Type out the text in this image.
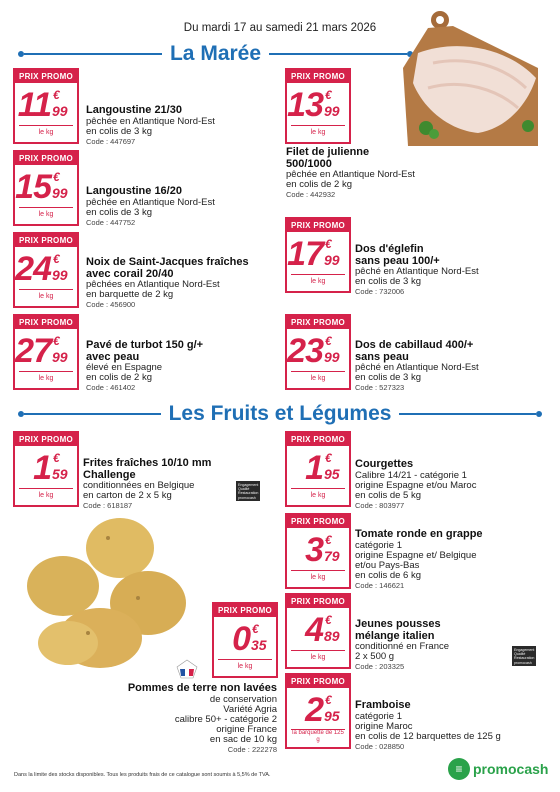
Du mardi 17 au samedi 21 mars 2026
La Marée
PRIX PROMO
11 €
99
le kg
Langoustine 21/30
pêchée en Atlantique Nord-Est
en colis de 3 kg
Code : 447697
PRIX PROMO
15 €
99
le kg
Langoustine 16/20
pêchée en Atlantique Nord-Est
en colis de 3 kg
Code : 447752
PRIX PROMO
24 €
99
le kg
Noix de Saint-Jacques fraîches
avec corail 20/40
pêchées en Atlantique Nord-Est
en barquette de 2 kg
Code : 456900
PRIX PROMO
27 €
99
le kg
Pavé de turbot 150 g/+
avec peau
élevé en Espagne
en colis de 2 kg
Code : 461402
PRIX PROMO
13 €
99
le kg
Filet de julienne
500/1000
pêchée en Atlantique Nord-Est
en colis de 2 kg
Code : 442932
PRIX PROMO
17 €
99
le kg
Dos d'églefin
sans peau 100/+
pêché en Atlantique Nord-Est
en colis de 3 kg
Code : 732006
PRIX PROMO
23 €
99
le kg
Dos de cabillaud 400/+
sans peau
pêché en Atlantique Nord-Est
en colis de 3 kg
Code : 527323
Les Fruits et Légumes
PRIX PROMO
1 €
59
le kg
Frites fraîches 10/10 mm
Challenge
conditionnées en Belgique
en carton de 2 x 5 kg
Code : 618187
Engagement
Qualité
Restauration
promocash
PRIX PROMO
0 €
35
le kg
Pommes de terre non lavées
de conservation
Variété Agria
calibre 50+ - catégorie 2
origine France
en sac de 10 kg
Code : 222278
PRIX PROMO
1 €
95
le kg
Courgettes
Calibre 14/21 - catégorie 1
origine Espagne et/ou Maroc
en colis de 5 kg
Code : 803977
PRIX PROMO
3 €
79
le kg
Tomate ronde en grappe
catégorie 1
origine Espagne et/ Belgique
et/ou Pays-Bas
en colis de 6 kg
Code : 146621
PRIX PROMO
4 €
89
le kg
Jeunes pousses
mélange italien
conditionné en France
2 x 500 g
Code : 203325
Engagement
Qualité
Restauration
promocash
PRIX PROMO
2 €
95
la barquette de 125 g
Framboise
catégorie 1
origine Maroc
en colis de 12 barquettes de 125 g
Code : 028850
Dans la limite des stocks disponibles. Tous les produits frais de ce catalogue sont soumis à 5,5% de TVA.	≡ promocash
